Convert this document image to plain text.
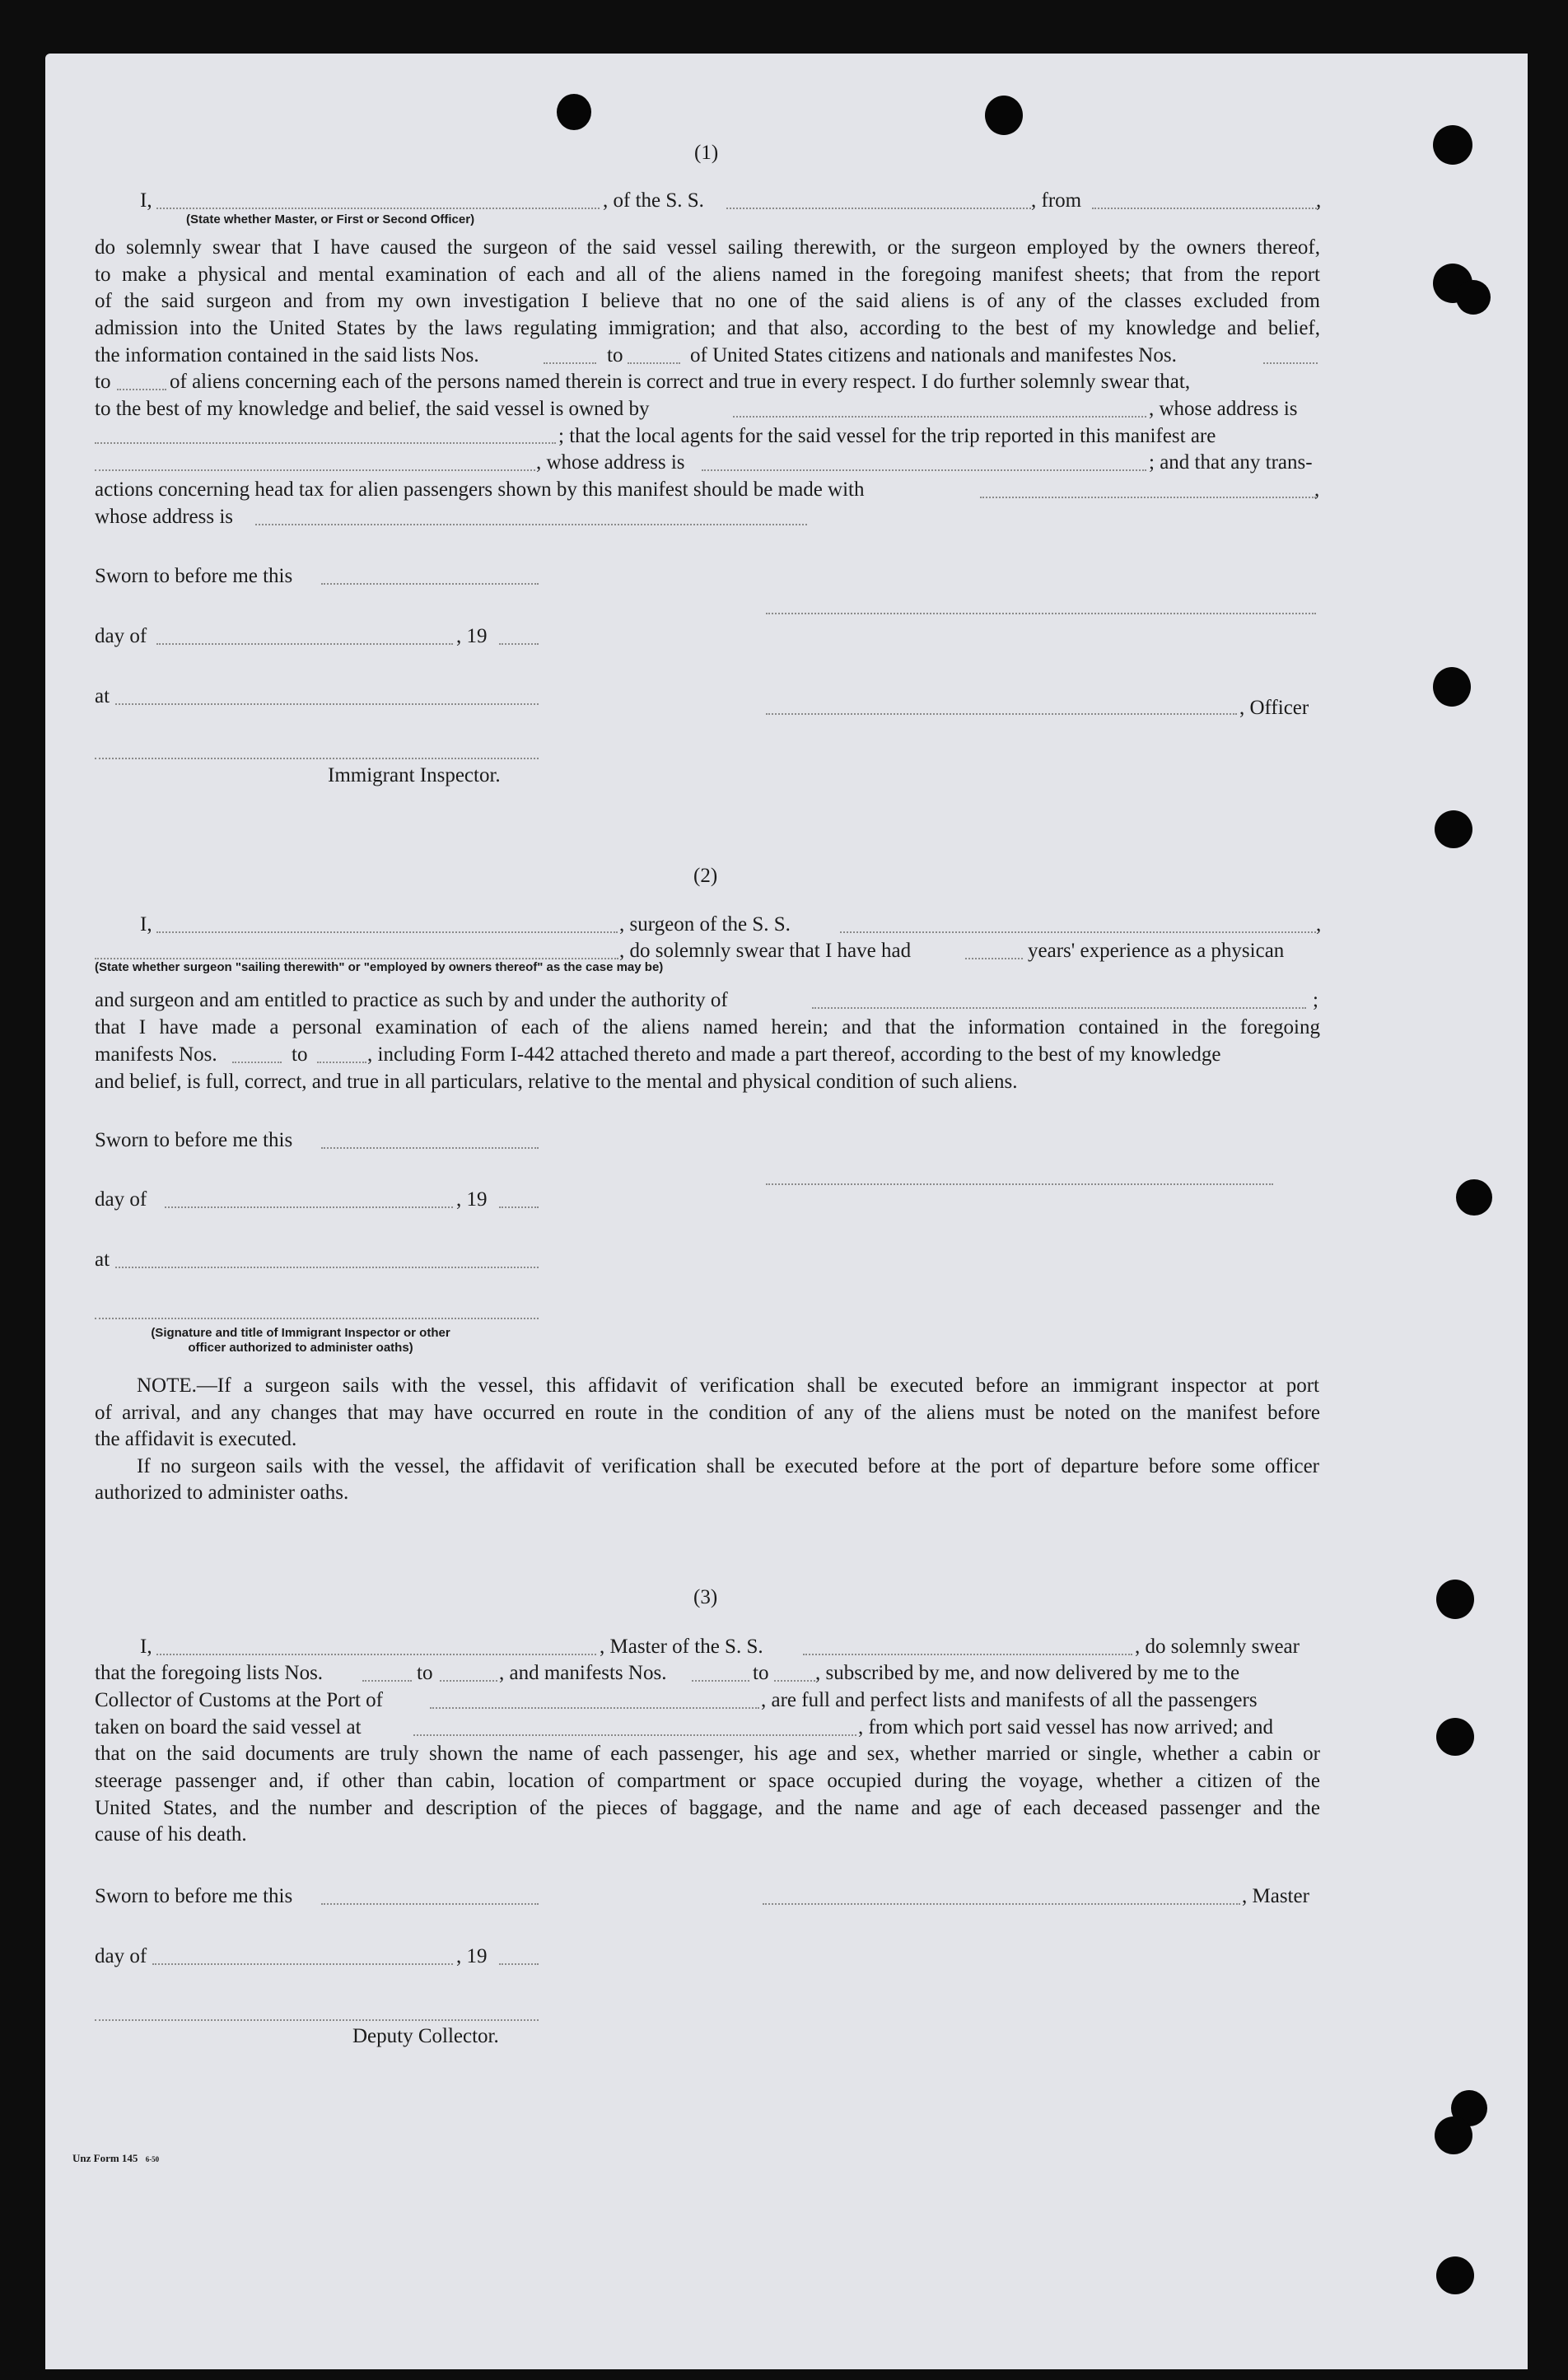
(1)
I,	, of the S. S.	, from	,
(State whether Master, or First or Second Officer)
do solemnly swear that I have caused the surgeon of the said vessel sailing therewith, or the surgeon employed by the owners thereof,
to make a physical and mental examination of each and all of the aliens named in the foregoing manifest sheets; that from the report
of the said surgeon and from my own investigation I believe that no one of the said aliens is of any of the classes excluded from
admission into the United States by the laws regulating immigration; and that also, according to the best of my knowledge and belief,
the information contained in the said lists Nos.	to	of United States citizens and nationals and manifestes Nos.
to	of aliens concerning each of the persons named therein is correct and true in every respect. I do further solemnly swear that,
to the best of my knowledge and belief, the said vessel is owned by	, whose address is
; that the local agents for the said vessel for the trip reported in this manifest are
, whose address is	; and that any trans-
actions concerning head tax for alien passengers shown by this manifest should be made with	,
whose address is
Sworn to before me this
day of	, 19
at
, Officer
Immigrant Inspector.
(2)
I,	, surgeon of the S. S.	,
, do solemnly swear that I have had	years' experience as a physican
(State whether surgeon "sailing therewith" or "employed by owners thereof" as the case may be)
and surgeon and am entitled to practice as such by and under the authority of	;
that I have made a personal examination of each of the aliens named herein; and that the information contained in the foregoing
manifests Nos.	to	, including Form I-442 attached thereto and made a part thereof, according to the best of my knowledge
and belief, is full, correct, and true in all particulars, relative to the mental and physical condition of such aliens.
Sworn to before me this
day of	, 19
at
(Signature and title of Immigrant Inspector or other
officer authorized to administer oaths)
NOTE.—If a surgeon sails with the vessel, this affidavit of verification shall be executed before an immigrant inspector at port
of arrival, and any changes that may have occurred en route in the condition of any of the aliens must be noted on the manifest before
the affidavit is executed.
If no surgeon sails with the vessel, the affidavit of verification shall be executed before at the port of departure before some officer
authorized to administer oaths.
(3)
I,	, Master of the S. S.	, do solemnly swear
that the foregoing lists Nos.	to	, and manifests Nos.	to , subscribed by me, and now delivered by me to the
Collector of Customs at the Port of	, are full and perfect lists and manifests of all the passengers
taken on board the said vessel at	, from which port said vessel has now arrived; and
that on the said documents are truly shown the name of each passenger, his age and sex, whether married or single, whether a cabin or
steerage passenger and, if other than cabin, location of compartment or space occupied during the voyage, whether a citizen of the
United States, and the number and description of the pieces of baggage, and the name and age of each deceased passenger and the
cause of his death.
Sworn to before me this	, Master
day of	, 19
Deputy Collector.
Unz Form 145 6-50
